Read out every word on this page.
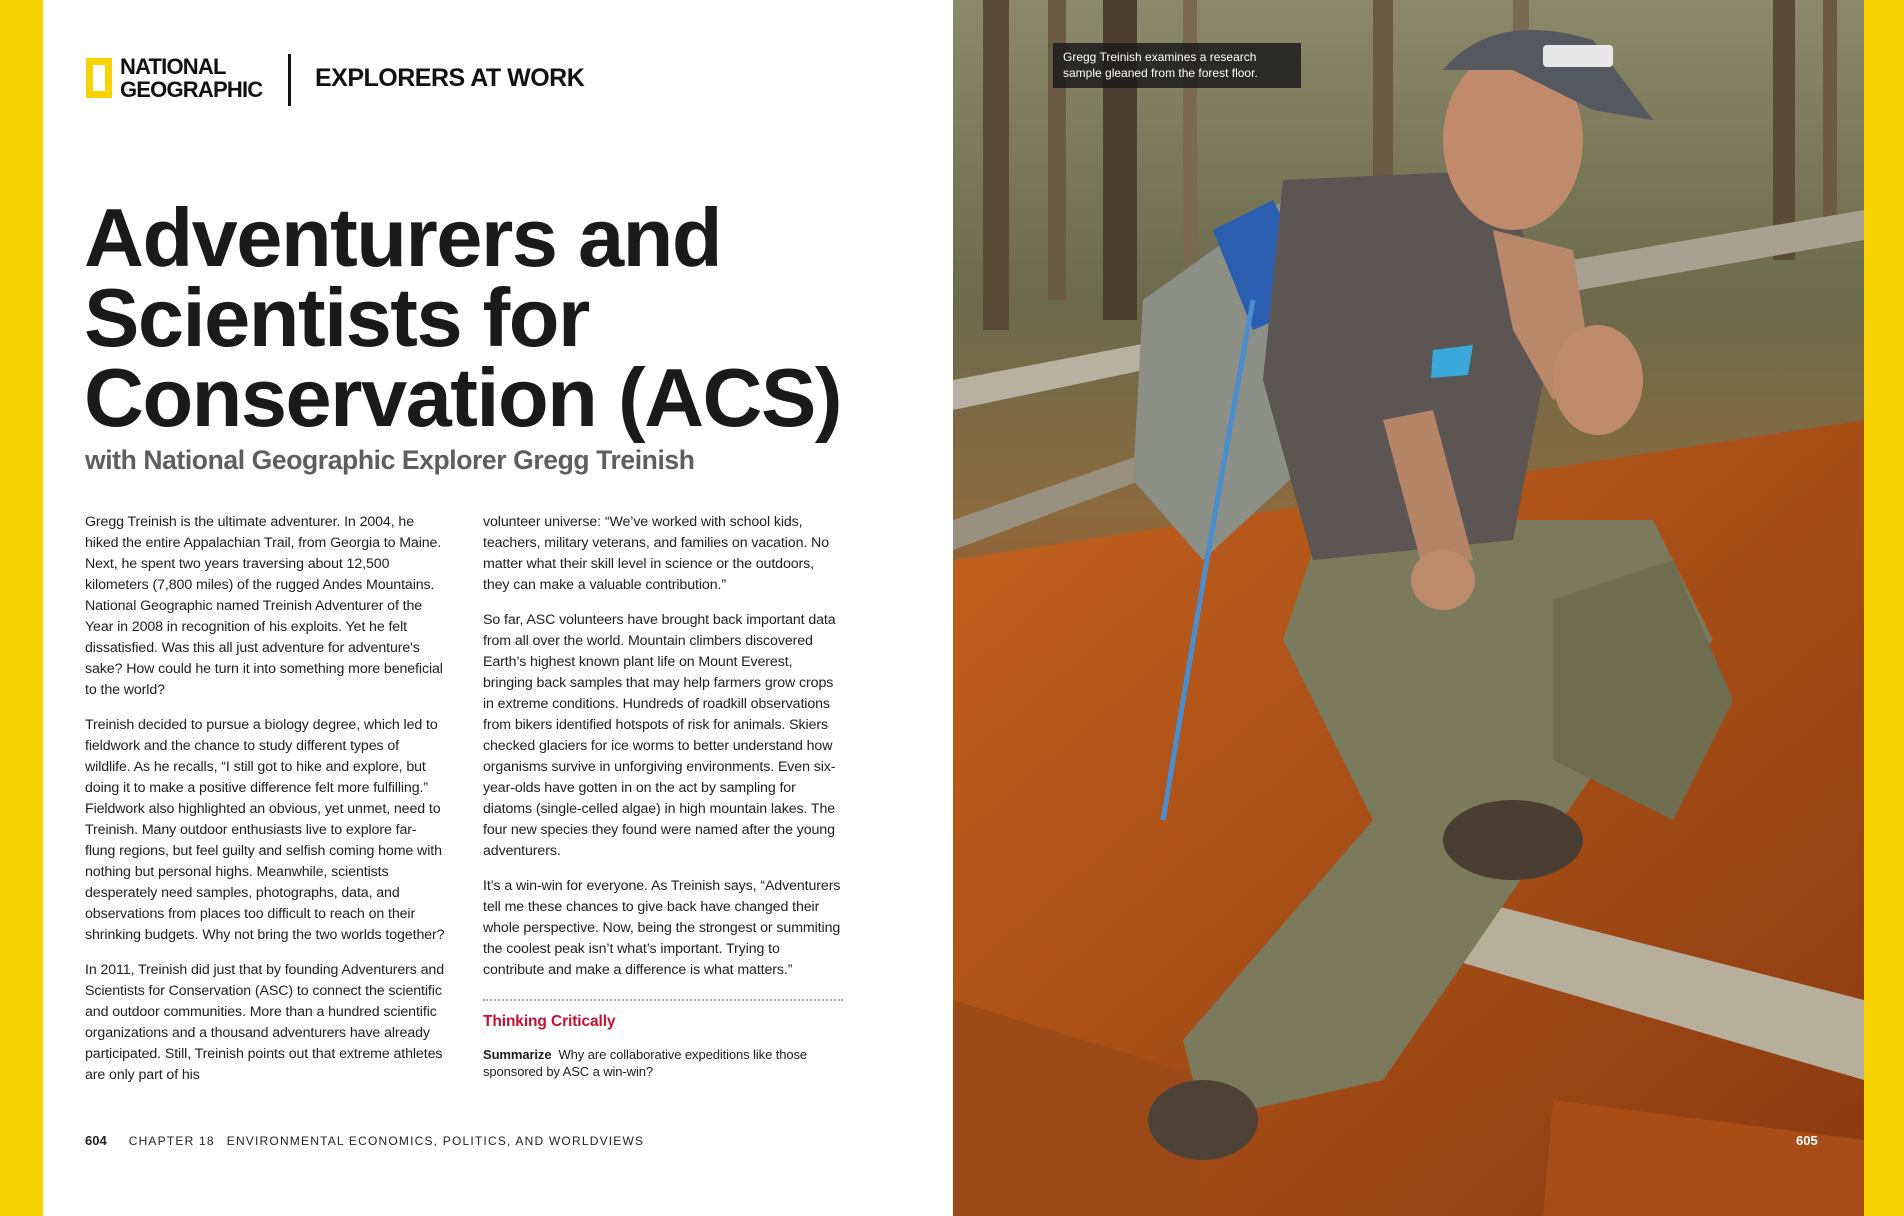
NATIONAL
GEOGRAPHIC EXPLORERS AT WORK
Adventurers and
Scientists for
Conservation (ACS)
with National Geographic Explorer Gregg Treinish

Gregg Treinish is the ultimate adventurer. In 2004, he hiked the entire Appalachian Trail, from Georgia to Maine. Next, he spent two years traversing about 12,500 kilometers (7,800 miles) of the rugged Andes Mountains. National Geographic named Treinish Adventurer of the Year in 2008 in recognition of his exploits. Yet he felt dissatisfied. Was this all just adventure for adventure's sake? How could he turn it into something more beneficial to the world?

Treinish decided to pursue a biology degree, which led to fieldwork and the chance to study different types of wildlife. As he recalls, “I still got to hike and explore, but doing it to make a positive difference felt more fulfilling.” Fieldwork also highlighted an obvious, yet unmet, need to Treinish. Many outdoor enthusiasts live to explore far-flung regions, but feel guilty and selfish coming home with nothing but personal highs. Meanwhile, scientists desperately need samples, photographs, data, and observations from places too difficult to reach on their shrinking budgets. Why not bring the two worlds together?

In 2011, Treinish did just that by founding Adventurers and Scientists for Conservation (ASC) to connect the scientific and outdoor communities. More than a hundred scientific organizations and a thousand adventurers have already participated. Still, Treinish points out that extreme athletes are only part of his

volunteer universe: “We’ve worked with school kids, teachers, military veterans, and families on vacation. No matter what their skill level in science or the outdoors, they can make a valuable contribution.”

So far, ASC volunteers have brought back important data from all over the world. Mountain climbers discovered Earth’s highest known plant life on Mount Everest, bringing back samples that may help farmers grow crops in extreme conditions. Hundreds of roadkill observations from bikers identified hotspots of risk for animals. Skiers checked glaciers for ice worms to better understand how organisms survive in unforgiving environments. Even six-year-olds have gotten in on the act by sampling for diatoms (single-celled algae) in high mountain lakes. The four new species they found were named after the young adventurers.

It’s a win-win for everyone. As Treinish says, “Adventurers tell me these chances to give back have changed their whole perspective. Now, being the strongest or summiting the coolest peak isn’t what’s important. Trying to contribute and make a difference is what matters.”

Thinking Critically

Summarize Why are collaborative expeditions like those sponsored by ASC a win-win?

604 CHAPTER 18 ENVIRONMENTAL ECONOMICS, POLITICS, AND WORLDVIEWS
Gregg Treinish examines a research sample gleaned from the forest floor.
605
